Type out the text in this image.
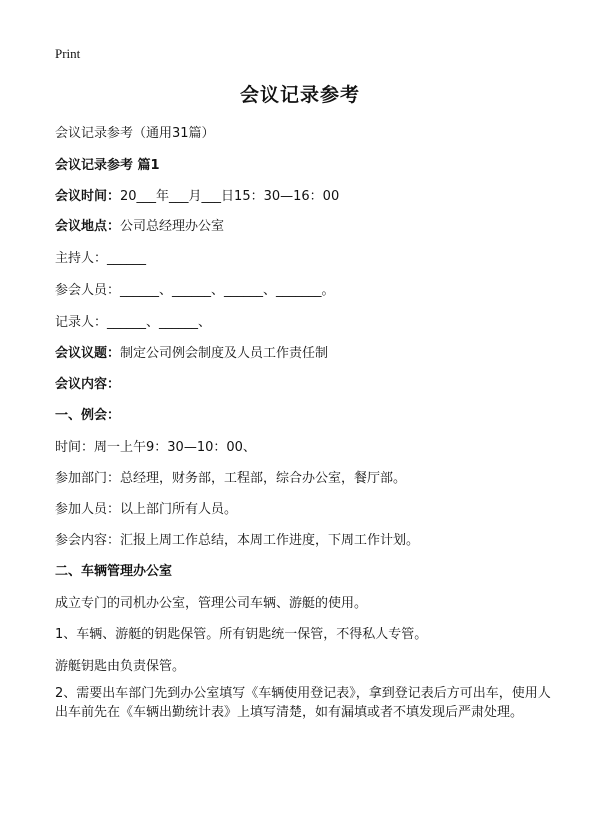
Print
会议记录参考
会议记录参考（通用31篇）
会议记录参考 篇1
会议时间：20___年___月___日15：30—16：00
会议地点：公司总经理办公室
主持人：______
参会人员：______、______、______、_______。
记录人：______、______、
会议议题：制定公司例会制度及人员工作责任制
会议内容：
一、例会：
时间：周一上午9：30—10：00、
参加部门：总经理，财务部，工程部，综合办公室，餐厅部。
参加人员：以上部门所有人员。
参会内容：汇报上周工作总结，本周工作进度，下周工作计划。
二、车辆管理办公室
成立专门的司机办公室，管理公司车辆、游艇的使用。
1、车辆、游艇的钥匙保管。所有钥匙统一保管，不得私人专管。
游艇钥匙由负责保管。
2、需要出车部门先到办公室填写《车辆使用登记表》，拿到登记表后方可出车，使用人出车前先在《车辆出勤统计表》上填写清楚，如有漏填或者不填发现后严肃处理。
